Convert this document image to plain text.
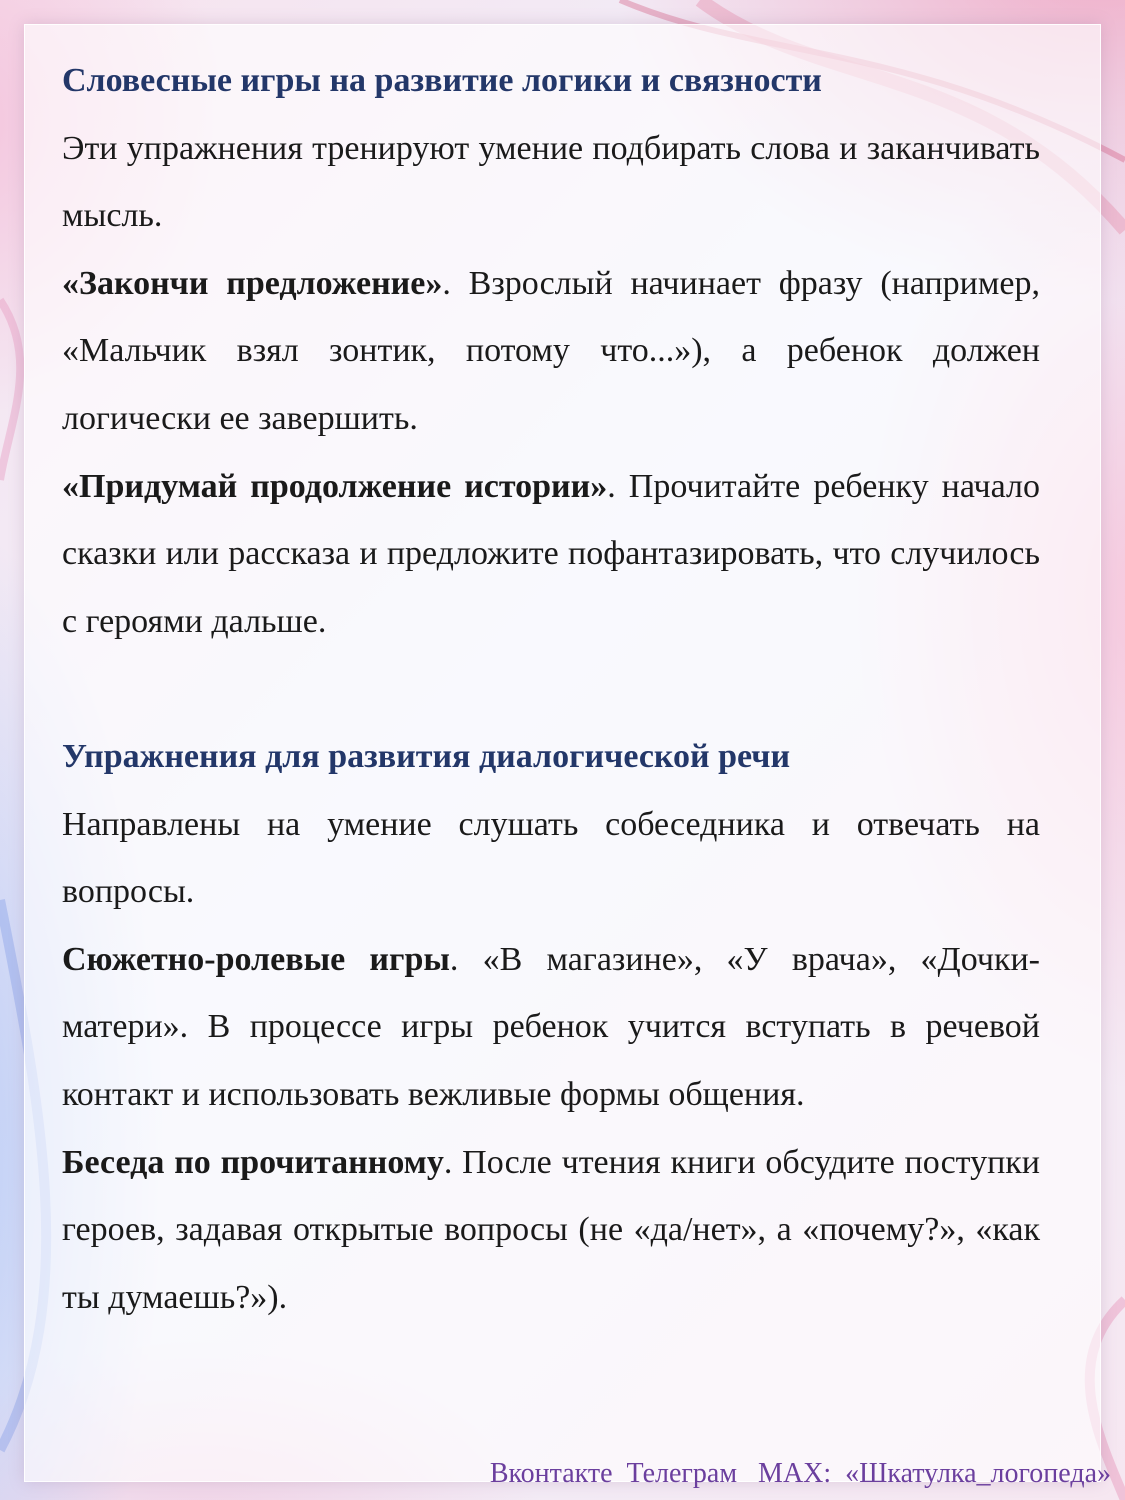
Словесные игры на развитие логики и связности

Эти упражнения тренируют умение подбирать слова и заканчивать мысль.

«Закончи предложение». Взрослый начинает фразу (например, «Мальчик взял зонтик, потому что...»), а ребенок должен логически ее завершить.

«Придумай продолжение истории». Прочитайте ребенку начало сказки или рассказа и предложите пофантазировать, что случилось с героями дальше.

Упражнения для развития диалогической речи

Направлены на умение слушать собеседника и отвечать на вопросы.

Сюжетно-ролевые игры. «В магазине», «У врача», «Дочки-матери». В процессе игры ребенок учится вступать в речевой контакт и использовать вежливые формы общения.

Беседа по прочитанному. После чтения книги обсудите поступки героев, задавая открытые вопросы (не «да/нет», а «почему?», «как ты думаешь?»).

Вконтакте  Телеграм   MAX:  «Шкатулка_логопеда»
